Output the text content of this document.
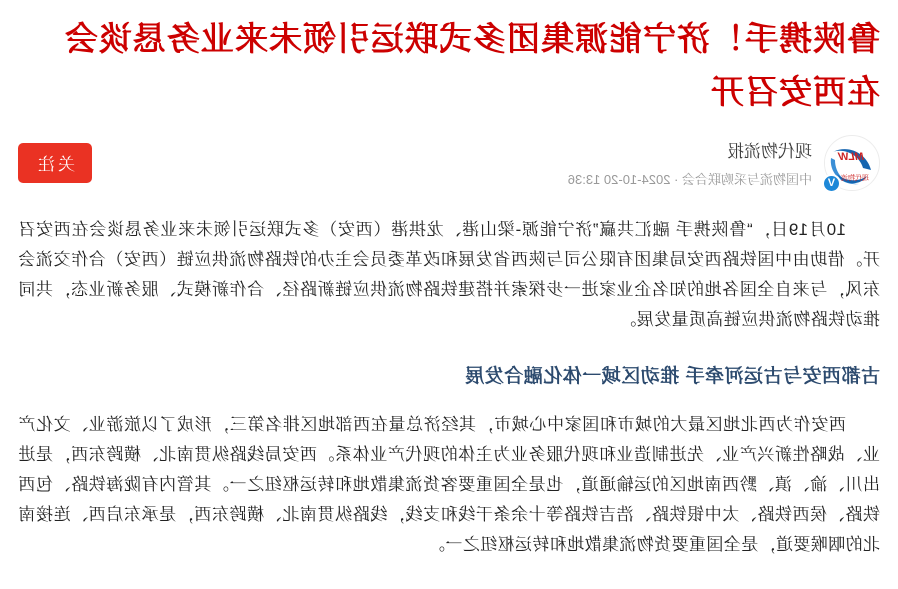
鲁陕携手！济宁能源集团多式联运引领未来业务恳谈会
在西安召开
MLW
现代物流
V
现代物流报
中国物流与采购联合会 · 2024-10-20 13:36
关注

10月19日，“鲁陕携手 融汇共赢”济宁能源-梁山港、龙拱港（西安）多式联运引领未来业务恳谈会在西安召开。借助由中国铁路西安局集团有限公司与陕西省发展和改革委员会主办的铁路物流供应链（西安）合作交流会东风，与来自全国各地的知名企业家进一步探索并搭建铁路物流供应链新路径、合作新模式、服务新业态，共同推动铁路物流供应链高质量发展。

古都西安与古运河牵手 推动区域一体化融合发展

西安作为西北地区最大的城市和国家中心城市，其经济总量在西部地区排名第三，形成了以旅游业、文化产业、战略性新兴产业、先进制造业和现代服务业为主体的现代产业体系。西安局线路纵贯南北、横跨东西，是进出川、渝、滇、黔西南地区的运输通道，也是全国重要客货流集散地和转运枢纽之一。其管内有陇海铁路、包西铁路、侯西铁路、太中银铁路、浩吉铁路等十余条干线和支线，线路纵贯南北、横跨东西，是承东启西、连接南北的咽喉要道，是全国重要货物流集散地和转运枢纽之一。
